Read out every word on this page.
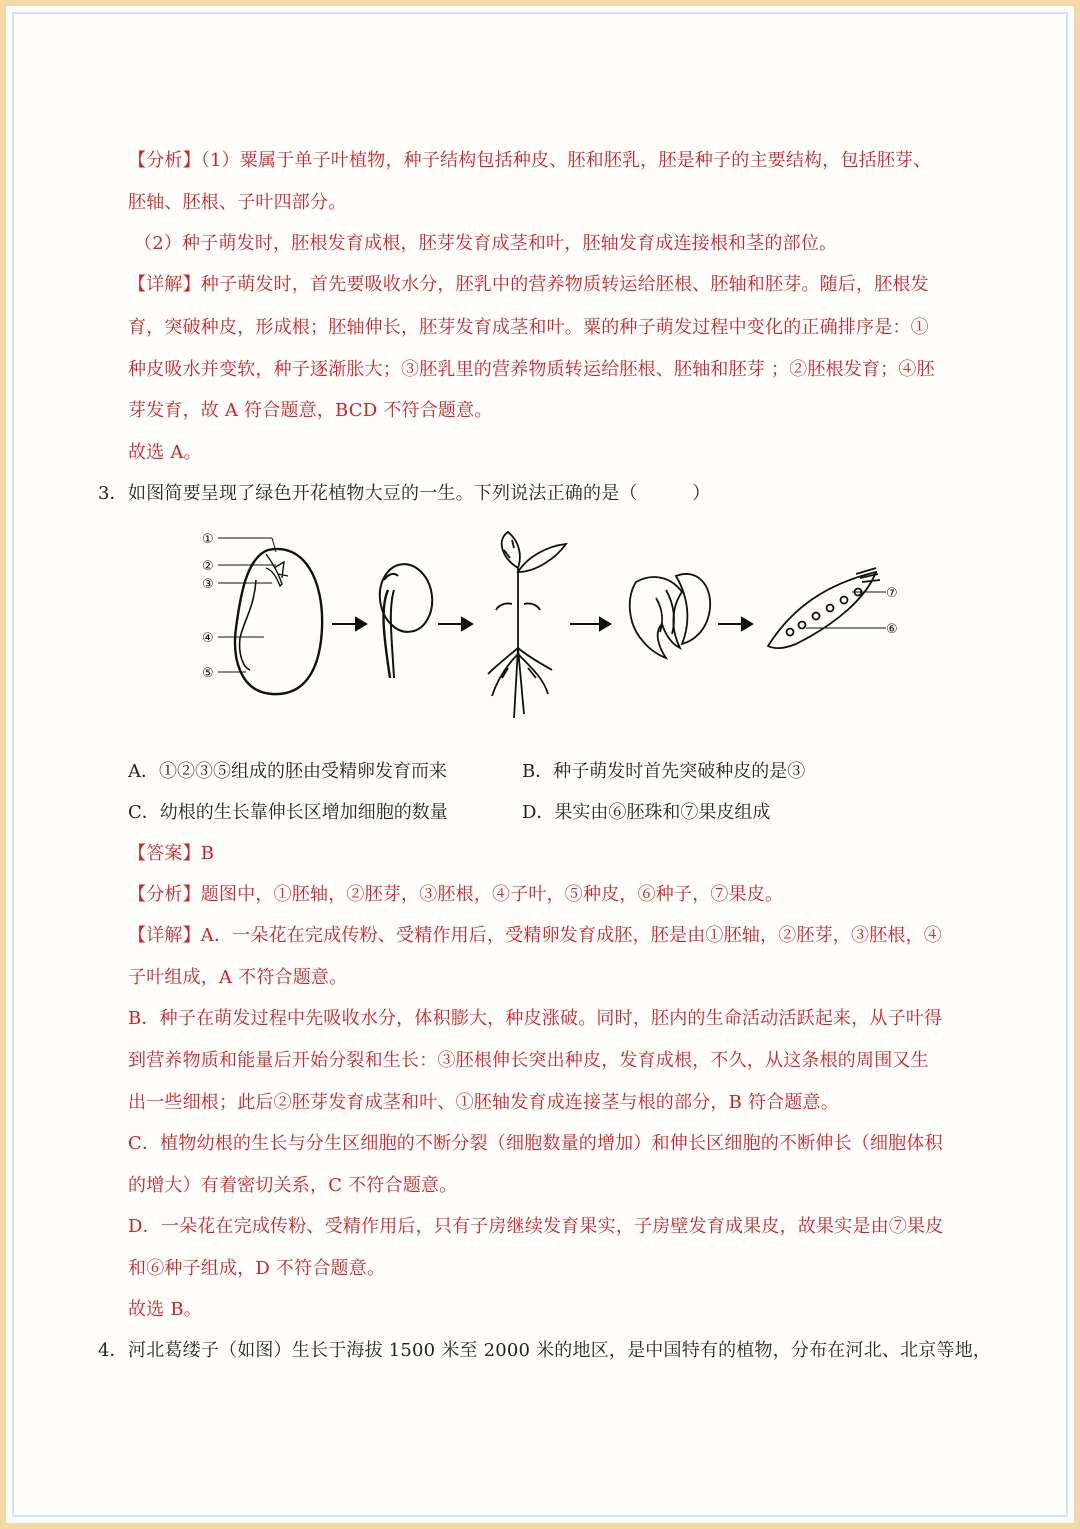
【分析】（1）粟属于单子叶植物，种子结构包括种皮、胚和胚乳，胚是种子的主要结构，包括胚芽、
胚轴、胚根、子叶四部分。
（2）种子萌发时，胚根发育成根，胚芽发育成茎和叶，胚轴发育成连接根和茎的部位。
【详解】种子萌发时，首先要吸收水分，胚乳中的营养物质转运给胚根、胚轴和胚芽。随后，胚根发
育，突破种皮，形成根；胚轴伸长，胚芽发育成茎和叶。粟的种子萌发过程中变化的正确排序是：①
种皮吸水并变软，种子逐渐胀大；③胚乳里的营养物质转运给胚根、胚轴和胚芽 ；②胚根发育；④胚
芽发育，故 A 符合题意，BCD 不符合题意。
故选 A。
3． 如图简要呈现了绿色开花植物大豆的一生。下列说法正确的是（　　　）
①
②
③
④
⑤
⑦
⑥
A．①②③⑤组成的胚由受精卵发育而来	B．种子萌发时首先突破种皮的是③
C．幼根的生长靠伸长区增加细胞的数量	D．果实由⑥胚珠和⑦果皮组成
【答案】B
【分析】题图中，①胚轴，②胚芽，③胚根，④子叶，⑤种皮，⑥种子，⑦果皮。
【详解】A．一朵花在完成传粉、受精作用后，受精卵发育成胚，胚是由①胚轴，②胚芽，③胚根，④
子叶组成，A 不符合题意。
B．种子在萌发过程中先吸收水分，体积膨大，种皮涨破。同时，胚内的生命活动活跃起来，从子叶得
到营养物质和能量后开始分裂和生长：③胚根伸长突出种皮，发育成根，不久，从这条根的周围又生
出一些细根；此后②胚芽发育成茎和叶、①胚轴发育成连接茎与根的部分，B 符合题意。
C．植物幼根的生长与分生区细胞的不断分裂（细胞数量的增加）和伸长区细胞的不断伸长（细胞体积
的增大）有着密切关系，C 不符合题意。
D．一朵花在完成传粉、受精作用后，只有子房继续发育果实，子房壁发育成果皮，故果实是由⑦果皮
和⑥种子组成，D 不符合题意。
故选 B。
4． 河北葛缕子（如图）生长于海拔 1500 米至 2000 米的地区，是中国特有的植物，分布在河北、北京等地，
